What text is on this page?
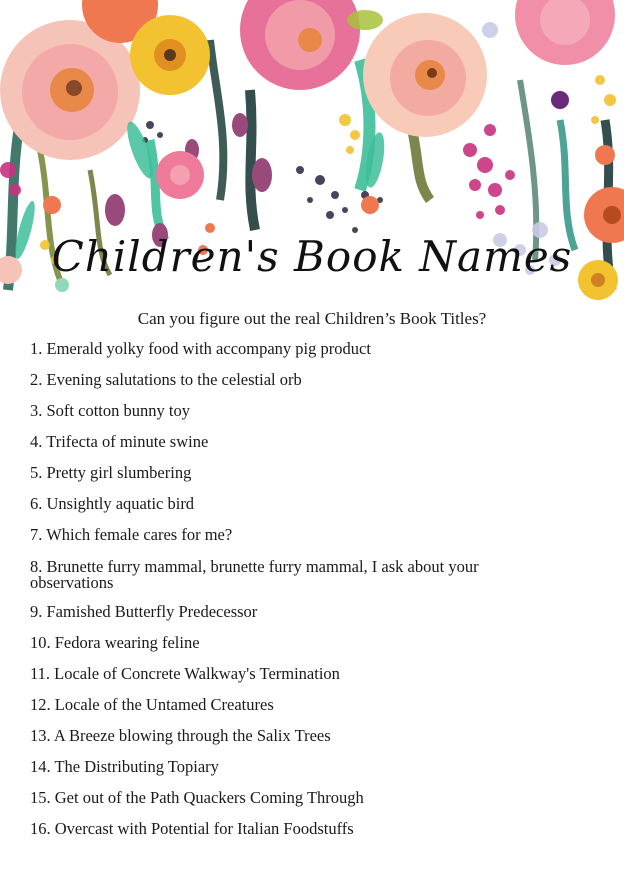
Children's Book Names
Can you figure out the real Children’s Book Titles?
1. Emerald yolky food with accompany pig product
2. Evening salutations to the celestial orb
3. Soft cotton bunny toy
4. Trifecta of minute swine
5. Pretty girl slumbering
6. Unsightly aquatic bird
7. Which female cares for me?
8. Brunette furry mammal, brunette furry mammal, I ask about your observations
9. Famished Butterfly Predecessor
10. Fedora wearing feline
11. Locale of Concrete Walkway's Termination
12. Locale of the Untamed Creatures
13. A Breeze blowing through the Salix Trees
14. The Distributing Topiary
15. Get out of the Path Quackers Coming Through
16. Overcast with Potential for Italian Foodstuffs
